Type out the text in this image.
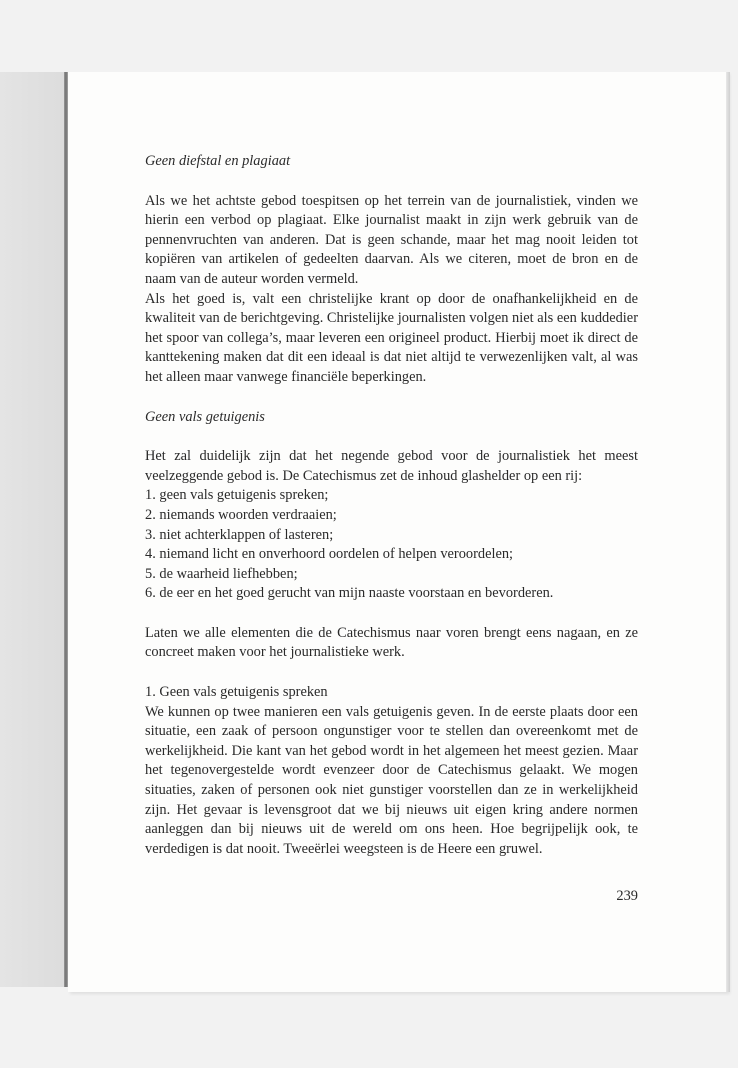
Geen diefstal en plagiaat

Als we het achtste gebod toespitsen op het terrein van de journalistiek, vinden we hierin een verbod op plagiaat. Elke journalist maakt in zijn werk gebruik van de pennenvruchten van anderen. Dat is geen schande, maar het mag nooit leiden tot kopiëren van artikelen of gedeelten daarvan. Als we citeren, moet de bron en de naam van de auteur worden vermeld.

Als het goed is, valt een christelijke krant op door de onafhankelijkheid en de kwaliteit van de berichtgeving. Christelijke journalisten volgen niet als een kuddedier het spoor van collega’s, maar leveren een origineel product. Hierbij moet ik direct de kanttekening maken dat dit een ideaal is dat niet altijd te verwezenlijken valt, al was het alleen maar vanwege financiële beperkingen.

Geen vals getuigenis

Het zal duidelijk zijn dat het negende gebod voor de journalistiek het meest veelzeggende gebod is. De Catechismus zet de inhoud glashelder op een rij:

1. geen vals getuigenis spreken;
2. niemands woorden verdraaien;
3. niet achterklappen of lasteren;
4. niemand licht en onverhoord oordelen of helpen veroordelen;
5. de waarheid liefhebben;
6. de eer en het goed gerucht van mijn naaste voorstaan en bevorderen.

Laten we alle elementen die de Catechismus naar voren brengt eens nagaan, en ze concreet maken voor het journalistieke werk.

1. Geen vals getuigenis spreken

We kunnen op twee manieren een vals getuigenis geven. In de eerste plaats door een situatie, een zaak of persoon ongunstiger voor te stellen dan overeenkomt met de werkelijkheid. Die kant van het gebod wordt in het algemeen het meest gezien. Maar het tegenovergestelde wordt evenzeer door de Catechismus gelaakt. We mogen situaties, zaken of personen ook niet gunstiger voorstellen dan ze in werkelijkheid zijn. Het gevaar is levensgroot dat we bij nieuws uit eigen kring andere normen aanleggen dan bij nieuws uit de wereld om ons heen. Hoe begrijpelijk ook, te verdedigen is dat nooit. Tweeërlei weegsteen is de Heere een gruwel.

239
